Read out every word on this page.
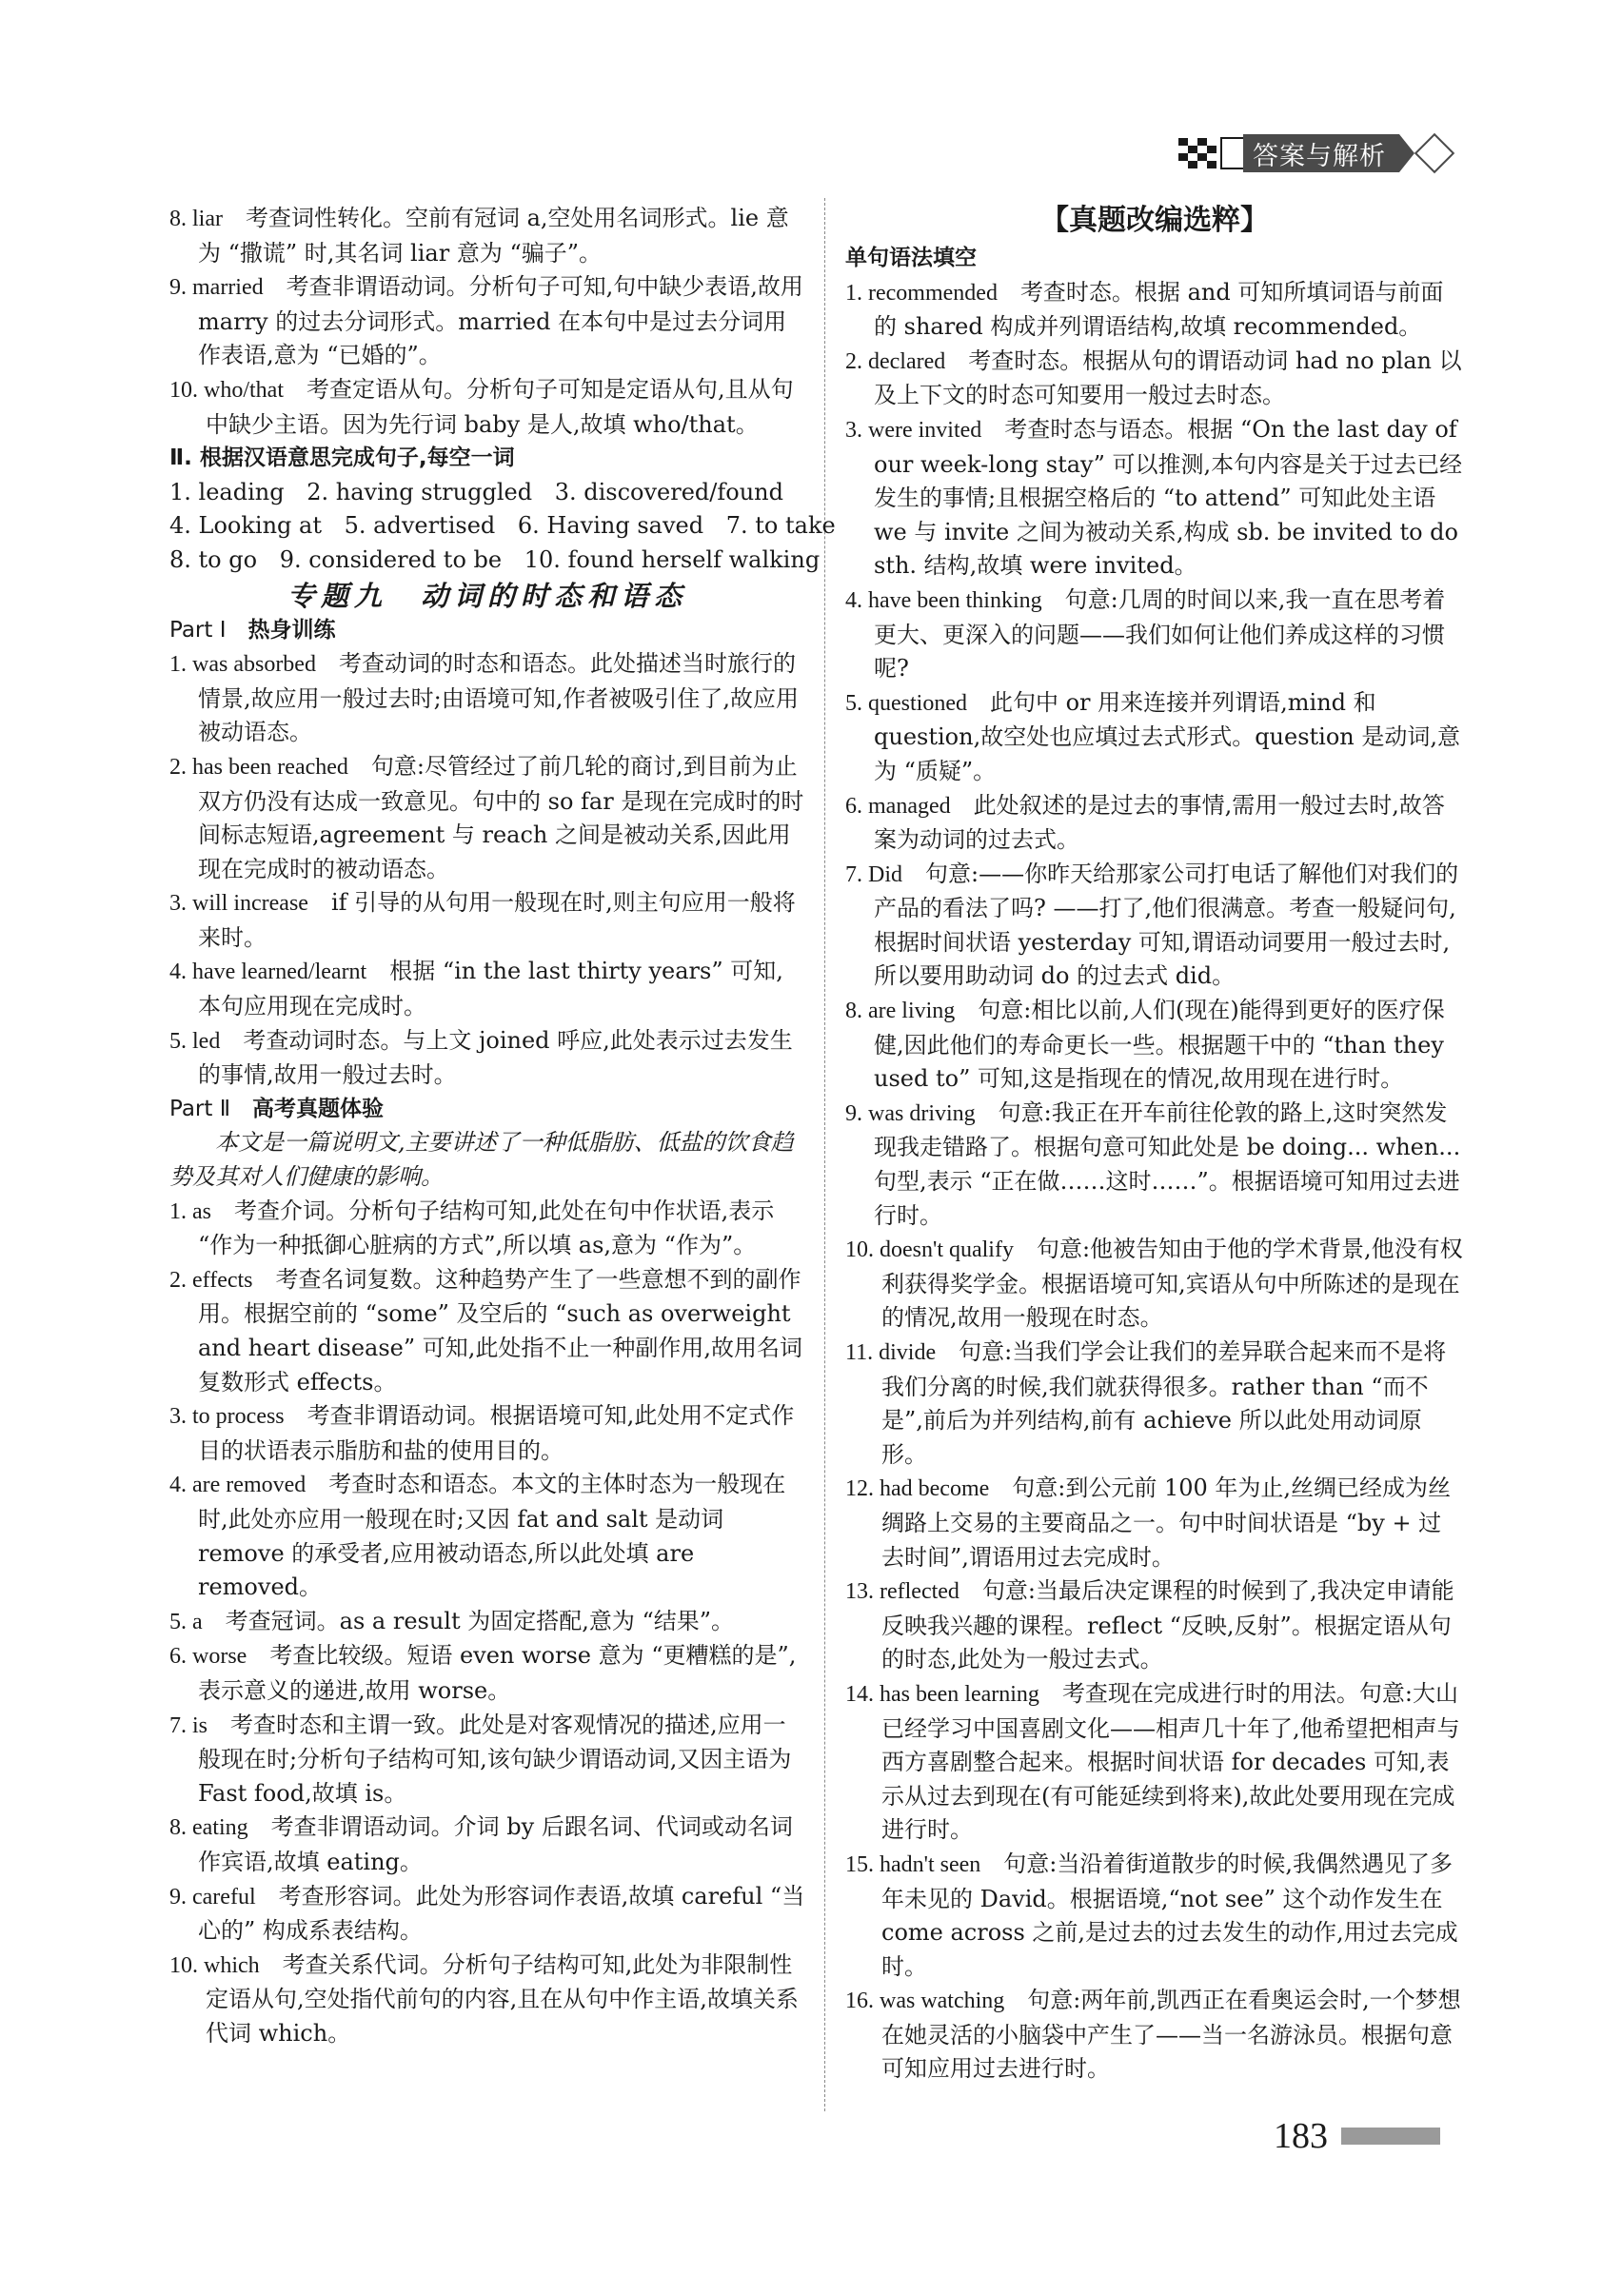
答案与解析

8. liar　 考查词性转化。空前有冠词 a,空处用名词形式。lie 意为 “撒谎” 时,其名词 liar 意为 “骗子”。

9. married　 考查非谓语动词。分析句子可知,句中缺少表语,故用 marry 的过去分词形式。married 在本句中是过去分词用作表语,意为 “已婚的”。

10. who/that　 考查定语从句。分析句子可知是定语从句,且从句中缺少主语。因为先行词 baby 是人,故填 who/that。

Ⅱ. 根据汉语意思完成句子,每空一词

1. leading 2. having struggled 3. discovered/found

4. Looking at 5. advertised 6. Having saved 7. to take

8. to go 9. considered to be 10. found herself walking

专题九　动词的时态和语态

Part Ⅰ　 热身训练

1. was absorbed　 考查动词的时态和语态。此处描述当时旅行的情景,故应用一般过去时;由语境可知,作者被吸引住了,故应用被动语态。

2. has been reached　 句意:尽管经过了前几轮的商讨,到目前为止双方仍没有达成一致意见。句中的 so far 是现在完成时的时间标志短语,agreement 与 reach 之间是被动关系,因此用现在完成时的被动语态。

3. will increase　 if 引导的从句用一般现在时,则主句应用一般将来时。

4. have learned/learnt　 根据 “in the last thirty years” 可知,本句应用现在完成时。

5. led　 考查动词时态。与上文 joined 呼应,此处表示过去发生的事情,故用一般过去时。

Part Ⅱ　 高考真题体验

本文是一篇说明文,主要讲述了一种低脂肪、低盐的饮食趋势及其对人们健康的影响。

1. as　 考查介词。分析句子结构可知,此处在句中作状语,表示 “作为一种抵御心脏病的方式”,所以填 as,意为 “作为”。

2. effects　 考查名词复数。这种趋势产生了一些意想不到的副作用。根据空前的 “some” 及空后的 “such as overweight and heart disease” 可知,此处指不止一种副作用,故用名词复数形式 effects。

3. to process　 考查非谓语动词。根据语境可知,此处用不定式作目的状语表示脂肪和盐的使用目的。

4. are removed　 考查时态和语态。本文的主体时态为一般现在时,此处亦应用一般现在时;又因 fat and salt 是动词 remove 的承受者,应用被动语态,所以此处填 are removed。

5. a　 考查冠词。as a result 为固定搭配,意为 “结果”。

6. worse　 考查比较级。短语 even worse 意为 “更糟糕的是”,表示意义的递进,故用 worse。

7. is　 考查时态和主谓一致。此处是对客观情况的描述,应用一般现在时;分析句子结构可知,该句缺少谓语动词,又因主语为 Fast food,故填 is。

8. eating　 考查非谓语动词。介词 by 后跟名词、代词或动名词作宾语,故填 eating。

9. careful　 考查形容词。此处为形容词作表语,故填 careful “当心的” 构成系表结构。

10. which　 考查关系代词。分析句子结构可知,此处为非限制性定语从句,空处指代前句的内容,且在从句中作主语,故填关系代词 which。

【真题改编选粹】

单句语法填空

1. recommended　 考查时态。根据 and 可知所填词语与前面的 shared 构成并列谓语结构,故填 recommended。

2. declared　 考查时态。根据从句的谓语动词 had no plan 以及上下文的时态可知要用一般过去时态。

3. were invited　 考查时态与语态。根据 “On the last day of our week-long stay” 可以推测,本句内容是关于过去已经发生的事情;且根据空格后的 “to attend” 可知此处主语 we 与 invite 之间为被动关系,构成 sb. be invited to do sth. 结构,故填 were invited。

4. have been thinking　 句意:几周的时间以来,我一直在思考着更大、更深入的问题——我们如何让他们养成这样的习惯呢?

5. questioned　 此句中 or 用来连接并列谓语,mind 和 question,故空处也应填过去式形式。question 是动词,意为 “质疑”。

6. managed　 此处叙述的是过去的事情,需用一般过去时,故答案为动词的过去式。

7. Did　 句意:——你昨天给那家公司打电话了解他们对我们的产品的看法了吗? ——打了,他们很满意。考查一般疑问句,根据时间状语 yesterday 可知,谓语动词要用一般过去时,所以要用助动词 do 的过去式 did。

8. are living　 句意:相比以前,人们(现在)能得到更好的医疗保健,因此他们的寿命更长一些。根据题干中的 “than they used to” 可知,这是指现在的情况,故用现在进行时。

9. was driving　 句意:我正在开车前往伦敦的路上,这时突然发现我走错路了。根据句意可知此处是 be doing... when... 句型,表示 “正在做……这时……”。根据语境可知用过去进行时。

10. doesn't qualify　 句意:他被告知由于他的学术背景,他没有权利获得奖学金。根据语境可知,宾语从句中所陈述的是现在的情况,故用一般现在时态。

11. divide　 句意:当我们学会让我们的差异联合起来而不是将我们分离的时候,我们就获得很多。rather than “而不是”,前后为并列结构,前有 achieve 所以此处用动词原形。

12. had become　 句意:到公元前 100 年为止,丝绸已经成为丝绸路上交易的主要商品之一。句中时间状语是 “by + 过去时间”,谓语用过去完成时。

13. reflected　 句意:当最后决定课程的时候到了,我决定申请能反映我兴趣的课程。reflect “反映,反射”。根据定语从句的时态,此处为一般过去式。

14. has been learning　 考查现在完成进行时的用法。句意:大山已经学习中国喜剧文化——相声几十年了,他希望把相声与西方喜剧整合起来。根据时间状语 for decades 可知,表示从过去到现在(有可能延续到将来),故此处要用现在完成进行时。

15. hadn't seen　 句意:当沿着街道散步的时候,我偶然遇见了多年未见的 David。根据语境,“not see” 这个动作发生在 come across 之前,是过去的过去发生的动作,用过去完成时。

16. was watching　 句意:两年前,凯西正在看奥运会时,一个梦想在她灵活的小脑袋中产生了——当一名游泳员。根据句意可知应用过去进行时。

183
